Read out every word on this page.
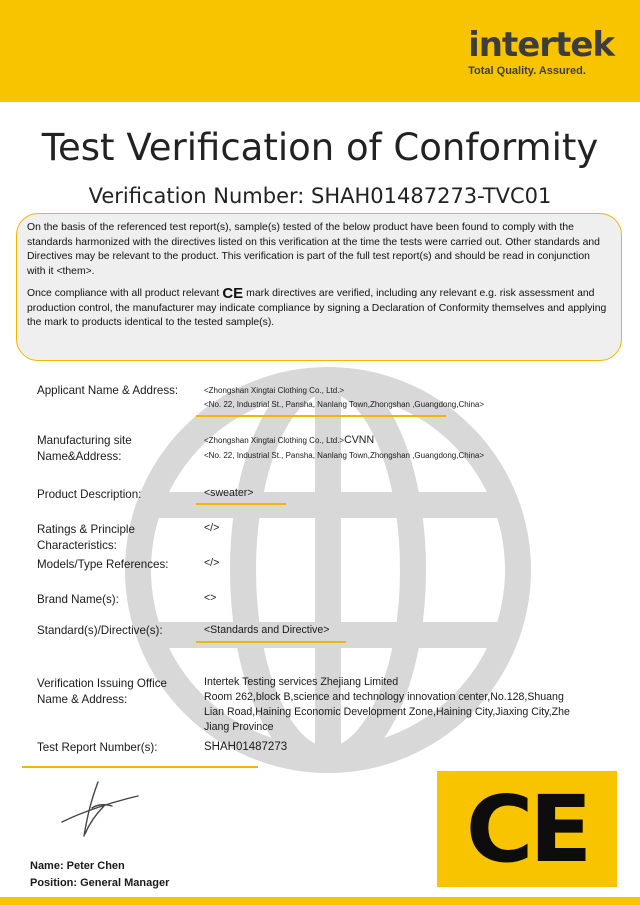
intertek
Total Quality. Assured.
Test Verification of Conformity
Verification Number: SHAH01487273-TVC01

On the basis of the referenced test report(s), sample(s) tested of the below product have been found to comply with the standards harmonized with the directives listed on this verification at the time the tests were carried out. Other standards and Directives may be relevant to the product. This verification is part of the full test report(s) and should be read in conjunction with it <them>.

Once compliance with all product relevant CE mark directives are verified, including any relevant e.g. risk assessment and production control, the manufacturer may indicate compliance by signing a Declaration of Conformity themselves and applying the mark to products identical to the tested sample(s).

Applicant Name & Address:	<Zhongshan Xingtai Clothing Co., Ltd.>
<No. 22, Industrial St., Pansha, Nanlang Town,Zhongshan ,Guangdong,China>
Manufacturing site
Name&Address:
<Zhongshan Xingtai Clothing Co., Ltd.>CVNN
<No. 22, Industrial St., Pansha, Nanlang Town,Zhongshan ,Guangdong,China>
Product Description:	<sweater>
Ratings & Principle
Characteristics:
</>
Models/Type References:	</>
Brand Name(s):	<>
Standard(s)/Directive(s):	<Standards and Directive>
Verification Issuing Office
Name & Address:
Intertek Testing services Zhejiang Limited
Room 262,block B,science and technology innovation center,No.128,Shuang
Lian Road,Haining Economic Development Zone,Haining City,Jiaxing City,Zhe
Jiang Province
Test Report Number(s):	SHAH01487273
Name: Peter Chen
Position: General Manager
CE
